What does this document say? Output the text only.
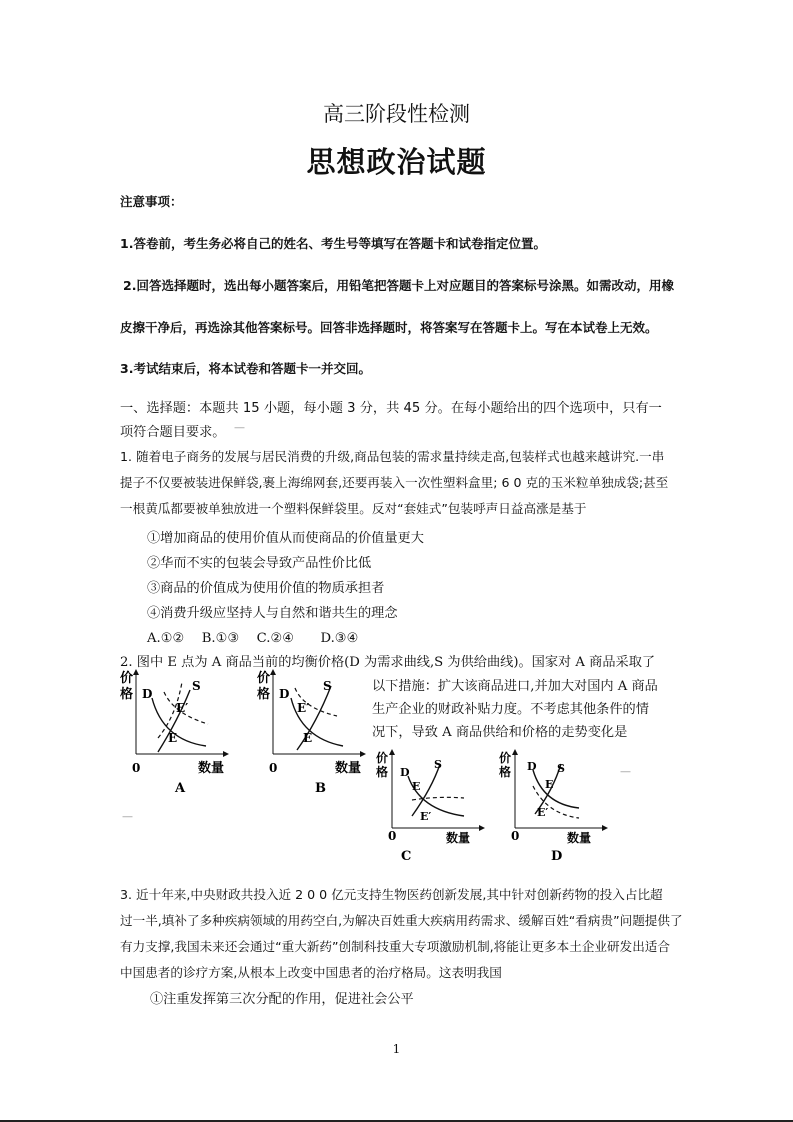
高三阶段性检测
思想政治试题
注意事项：
1.答卷前，考生务必将自己的姓名、考生号等填写在答题卡和试卷指定位置。
2.回答选择题时，选出每小题答案后，用铅笔把答题卡上对应题目的答案标号涂黑。如需改动，用橡
皮擦干净后，再选涂其他答案标号。回答非选择题时，将答案写在答题卡上。写在本试卷上无效。
3.考试结束后，将本试卷和答题卡一并交回。
一、选择题：本题共 15 小题，每小题 3 分，共 45 分。在每小题给出的四个选项中，只有一
项符合题目要求。 —
1. 随着电子商务的发展与居民消费的升级,商品包装的需求量持续走高,包装样式也越来越讲究.一串
提子不仅要被装进保鲜袋,裹上海绵网套,还要再装入一次性塑料盒里; 6 0 克的玉米粒单独成袋;甚至
一根黄瓜都要被单独放进一个塑料保鲜袋里。反对“套娃式”包装呼声日益高涨是基于
①增加商品的使用价值从而使商品的价值量更大
②华而不实的包装会导致产品性价比低
③商品的价值成为使用价值的物质承担者
④消费升级应坚持人与自然和谐共生的理念
A.①②　 B.①③　 C.②④　　D.③④
2. 图中 E 点为 A 商品当前的均衡价格(D 为需求曲线,S 为供给曲线)。国家对 A 商品采取了
以下措施：扩大该商品进口,并加大对国内 A 商品
生产企业的财政补贴力度。不考虑其他条件的情
况下，导致 A 商品供给和价格的走势变化是
价
格
0	数量
D
S
E′
E
A
价
格
0	数量
D
S
E′
E
B
价
格
0	数量
D
S
E
E′
C
价
格
0	数量
D S
E
E′
D
—
—
3. 近十年来,中央财政共投入近 2 0 0 亿元支持生物医药创新发展,其中针对创新药物的投入占比超
过一半,填补了多种疾病领域的用药空白,为解决百姓重大疾病用药需求、缓解百姓“看病贵”问题提供了
有力支撑,我国未来还会通过“重大新药”创制科技重大专项激励机制,将能让更多本土企业研发出适合
中国患者的诊疗方案,从根本上改变中国患者的治疗格局。这表明我国
①注重发挥第三次分配的作用，促进社会公平
1
